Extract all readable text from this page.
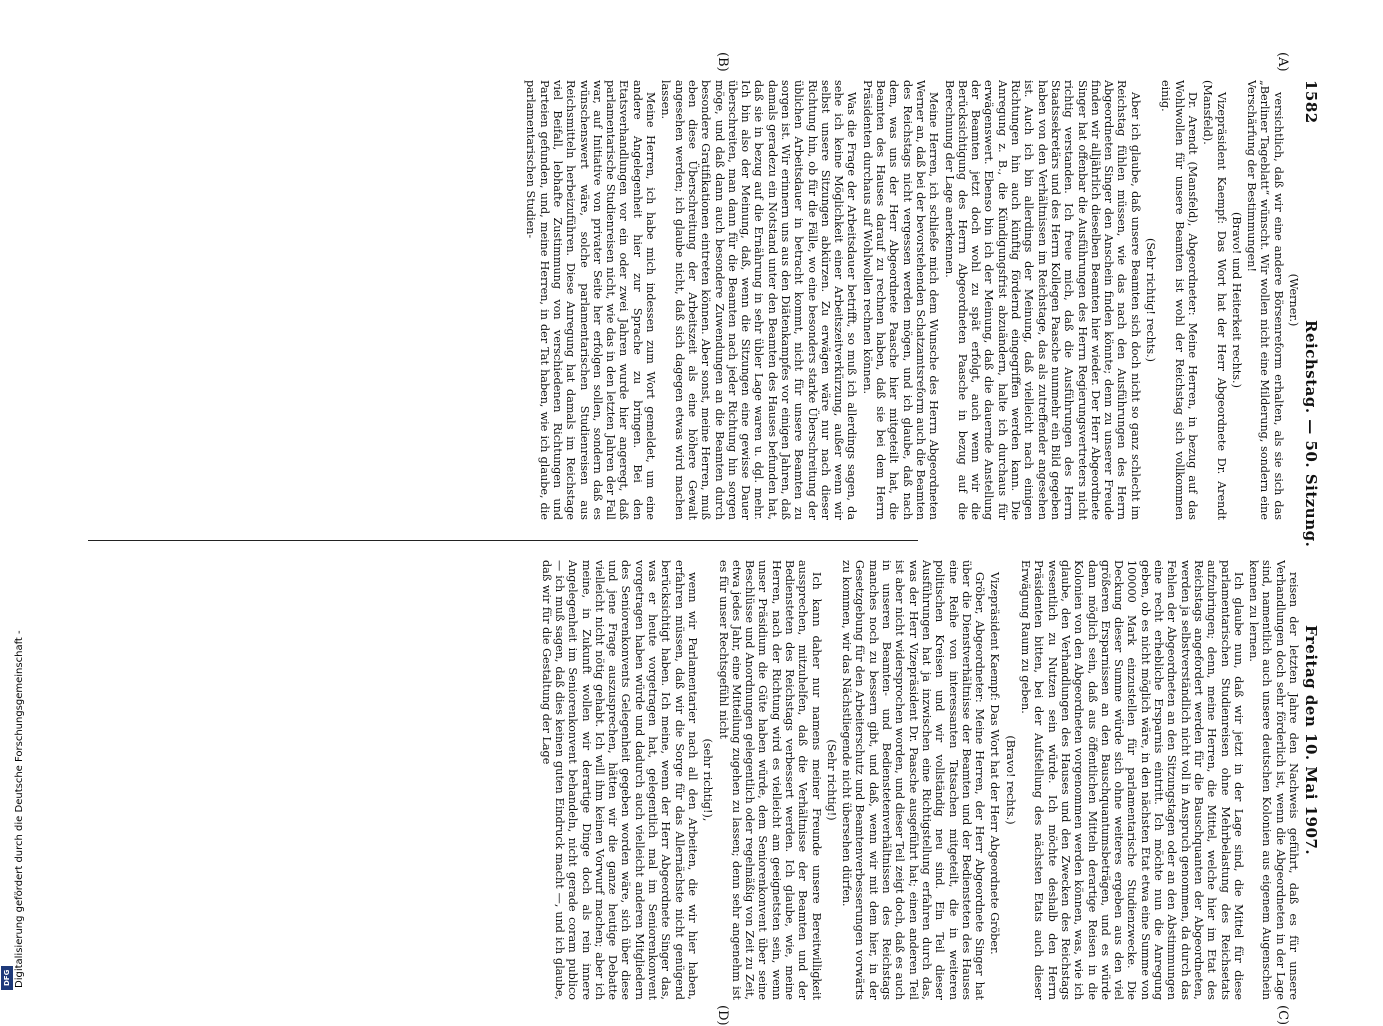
1582
Reichstag. — 50. Sitzung.
Freitag den 10. Mai 1907.

(Werner.)

versichtlich, daß wir eine andere Börsenreform erhalten, als sie sich das „Berliner Tageblatt“ wünscht. Wir wollen nicht eine Milderung, sondern eine Verschärfung der Bestimmungen!

(Bravo! und Heiterkeit rechts.)

Vizepräsident Kaempf: Das Wort hat der Herr Abgeordnete Dr. Arendt (Mansfeld).

Dr. Arendt (Mansfeld), Abgeordneter: Meine Herren, in bezug auf das Wohlwollen für unsere Beamten ist wohl der Reichstag sich vollkommen einig.

(Sehr richtig! rechts.)

Aber ich glaube, daß unsere Beamten sich doch nicht so ganz schlecht im Reichstag fühlen müssen, wie das nach den Ausführungen des Herrn Abgeordneten Singer den Anschein finden könnte; denn zu unserer Freude finden wir alljährlich dieselben Beamten hier wieder. Der Herr Abgeordnete Singer hat offenbar die Ausführungen des Herrn Regierungsvertreters nicht richtig verstanden. Ich freue mich, daß die Ausführungen des Herrn Staatssekretärs und des Herrn Kollegen Paasche nunmehr ein Bild gegeben haben von den Verhältnissen im Reichstage, das als zutreffender angesehen ist. Auch ich bin allerdings der Meinung, daß vielleicht nach einigen Richtungen hin auch künftig fördernd eingegriffen werden kann. Die Anregung z. B., die Kündigungsfrist abzuändern, halte ich durchaus für erwägenswert. Ebenso bin ich der Meinung, daß die dauernde Anstellung der Beamten jetzt doch wohl zu spät erfolgt, auch wenn wir die Berücksichtigung des Herrn Abgeordneten Paasche in bezug auf die Berechnung der Lage anerkennen.

Meine Herren, ich schließe mich dem Wunsche des Herrn Abgeordneten Werner an, daß bei der bevorstehenden Schatzamtsreform auch die Beamten des Reichstags nicht vergessen werden mögen, und ich glaube, daß nach dem, was uns der Herr Abgeordnete Paasche hier mitgeteilt hat, die Beamten des Hauses darauf zu rechnen haben, daß sie bei dem Herrn Präsidenten durchaus auf Wohlwollen rechnen können.

Was die Frage der Arbeitsdauer betrifft, so muß ich allerdings sagen, da sehe ich keine Möglichkeit einer Arbeitszeitverkürzung, außer wenn wir selbst unsere Sitzungen abkürzen. Zu erwägen wäre nur nach dieser Richtung hin, ob für die Fälle, wo eine besonders starke Überschreitung der üblichen Arbeitsdauer in betracht kommt, nicht für unsere Beamten zu sorgen ist. Wir erinnern uns aus den Diätenkampfes vor einigen Jahren, daß damals geradezu ein Notstand unter den Beamten des Hauses befunden hat, daß sie in bezug auf die Ernährung in sehr übler Lage waren u. dgl. mehr. Ich bin also der Meinung, daß, wenn die Sitzungen eine gewisse Dauer überschreiten, man dann für die Beamten nach jeder Richtung hin sorgen möge, und daß dann auch besondere Zuwendungen an die Beamten durch besondere Gratifikationen eintreten können. Aber sonst, meine Herren, muß eben diese Überschreitung der Arbeitszeit als eine höhere Gewalt angesehen werden; ich glaube nicht, daß sich dagegen etwas wird machen lassen.

Meine Herren, ich habe mich indessen zum Wort gemeldet, um eine andere Angelegenheit hier zur Sprache zu bringen. Bei den Etatsverhandlungen vor ein oder zwei Jahren wurde hier angeregt, daß parlamentarische Studienreisen nicht, wie das in den letzten Jahren der Fall war, auf Initiative von privater Seite her erfolgen sollen, sondern daß es wünschenswert wäre, solche parlamentarischen Studienreisen aus Reichsmitteln herbeizuführen. Diese Anregung hat damals im Reichstage viel Beifall, lebhafte Zustimmung von verschiedenen Richtungen und Parteien gefunden, und, meine Herren, in der Tat haben, wie ich glaube, die parlamentarischen Studien-

reisen der letzten Jahre den Nachweis geführt, daß es für unsere Verhandlungen doch sehr förderlich ist, wenn die Abgeordneten in der Lage sind, namentlich auch unsere deutschen Kolonien aus eigenem Augenschein kennen zu lernen.

Ich glaube nun, daß wir jetzt in der Lage sind, die Mittel für diese parlamentarischen Studienreisen ohne Mehrbelastung des Reichsetats aufzubringen; denn, meine Herren, die Mittel, welche hier im Etat des Reichstags angefordert werden für die Bauschquanten der Abgeordneten, werden ja selbstverständlich nicht voll in Anspruch genommen, da durch das Fehlen der Abgeordneten an den Sitzungstagen oder an den Abstimmungen eine recht erhebliche Ersparnis eintritt. Ich möchte nun die Anregung geben, ob es nicht möglich wäre, in den nächsten Etat etwa eine Summe von 100000 Mark einzustellen für parlamentarische Studienzwecke. Die Deckung dieser Summe würde sich ohne weiteres ergeben aus den viel größeren Ersparnissen an den Bauschquantumsbeträgen, und es würde dann möglich sein, daß aus öffentlichen Mitteln derartige Reisen in die Kolonien von den Abgeordneten vorgenommen werden können, was, wie ich glaube, den Verhandlungen des Hauses und den Zwecken des Reichstags wesentlich zu Nutzen sein würde. Ich möchte deshalb den Herrn Präsidenten bitten, bei der Aufstellung des nächsten Etats auch dieser Erwägung Raum zu geben.

(Bravo! rechts.)

Vizepräsident Kaempf: Das Wort hat der Herr Abgeordnete Gröber.

Gröber, Abgeordneter: Meine Herren, der Herr Abgeordnete Singer hat über die Dienstverhältnisse der Beamten und der Bediensteten des Hauses eine Reihe von interessanten Tatsachen mitgeteilt, die in weiteren politischen Kreisen und wir vollständig neu sind. Ein Teil dieser Ausführungen hat ja inzwischen eine Richtigstellung erfahren durch das, was der Herr Vizepräsident Dr. Paasche ausgeführt hat; einen anderen Teil ist aber nicht widersprochen worden, und dieser Teil zeigt doch, daß es auch in unseren Beamten- und Bedienstetenverhältnissen des Reichstags manches noch zu bessern gibt, und daß, wenn wir mit dem hier, in der Gesetzgebung für den Arbeiterschutz und Beamtenverbesserungen vorwärts zu kommen, wir das Nächstliegende nicht übersehen dürfen.

(Sehr richtig!)

Ich kann daher nur namens meiner Freunde unsere Bereitwilligkeit aussprechen, mitzuhelfen, daß die Verhältnisse der Beamten und der Bediensteten des Reichstags verbessert werden. Ich glaube, wie, meine Herren, nach der Richtung wird es vielleicht am geeignetsten sein, wenn unser Präsidium die Güte haben würde, dem Seniorenkonvent über seine Beschlüsse und Anordnungen gelegentlich oder regelmäßig von Zeit zu Zeit, etwa jedes Jahr, eine Mitteilung zugehen zu lassen; denn sehr angenehm ist es für unser Rechtsgefühl nicht

(sehr richtig!),

wenn wir Parlamentarier nach all den Arbeiten, die wir hier haben, erfahren müssen, daß wir die Sorge für das Allernächste nicht genügend berücksichtigt haben. Ich meine, wenn der Herr Abgeordnete Singer das, was er heute vorgetragen hat, gelegentlich mal im Seniorenkonvent vorgetragen haben würde und dadurch auch vielleicht anderen Mitgliedern des Seniorenkonvents Gelegenheit gegeben worden wäre, sich über diese und jene Frage auszusprechen, hätten wir die ganze heutige Debatte vielleicht nicht nötig gehabt. Ich will ihm keinen Vorwurf machen; aber ich meine, in Zukunft wollen wir derartige Dinge doch als rein innere Angelegenheit im Seniorenkonvent behandeln, nicht gerade coram publico — ich muß sagen, daß dies keinen guten Eindruck macht —, und ich glaube, daß wir für die Gestaltung der Lage

(A)
(B)
(C)
(D)
Digitalisierung gefördert durch die Deutsche Forschungsgemeinschaft -
DFG
